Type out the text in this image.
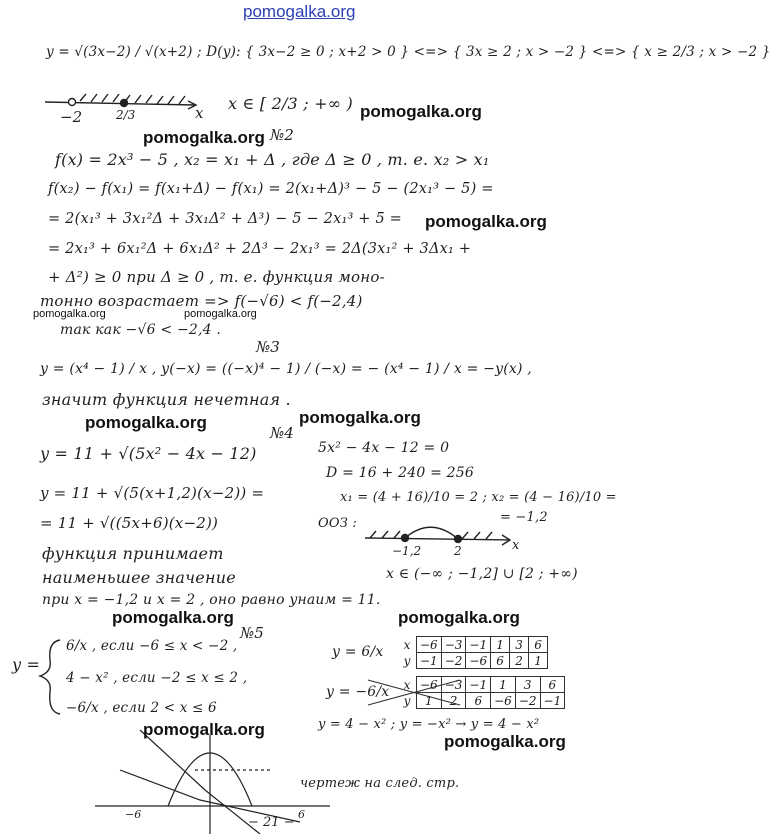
pomogalka.org
y = √(3x−2) / √(x+2) ; D(y): { 3x−2 ≥ 0 ; x+2 > 0 } <=> { 3x ≥ 2 ; x > −2 } <=> { x ≥ 2/3 ; x > −2 }
−2	2/3	x x ∈ [ 2/3 ; +∞ ) pomogalka.org
pomogalka.org №2
f(x) = 2x³ − 5 , x₂ = x₁ + Δ , где Δ ≥ 0 , т. е. x₂ > x₁
f(x₂) − f(x₁) = f(x₁+Δ) − f(x₁) = 2(x₁+Δ)³ − 5 − (2x₁³ − 5) =
pomogalka.org
= 2(x₁³ + 3x₁²Δ + 3x₁Δ² + Δ³) − 5 − 2x₁³ + 5 =
= 2x₁³ + 6x₁²Δ + 6x₁Δ² + 2Δ³ − 2x₁³ = 2Δ(3x₁² + 3Δx₁ +
+ Δ²) ≥ 0 при Δ ≥ 0 , т. е. функция моно-
тонно возрастает => f(−√6) < f(−2,4)
pomogalka.org	pomogalka.org
так как −√6 < −2,4 .
№3
y = (x⁴ − 1) / x , y(−x) = ((−x)⁴ − 1) / (−x) = − (x⁴ − 1) / x = −y(x) ,
значит функция нечетная .
pomogalka.org
pomogalka.org
№4
y = 11 + √(5x² − 4x − 12)	5x² − 4x − 12 = 0
D = 16 + 240 = 256
x₁ = (4 + 16)/10 = 2 ; x₂ = (4 − 16)/10 =
= −1,2
y = 11 + √(5(x+1,2)(x−2)) =
= 11 + √((5x+6)(x−2))	ООЗ :
−1,2	2	x
функция принимает
наименьшее значение	x ∈ (−∞ ; −1,2] ∪ [2 ; +∞)
при x = −1,2 и x = 2 , оно равно yнаим = 11.
pomogalka.org	pomogalka.org
№5
y =
6/x , если −6 ≤ x < −2 ,
4 − x² , если −2 ≤ x ≤ 2 ,
−6/x , если 2 < x ≤ 6
y = 6/x x	−6	−3	−1	1	3	6
y	−1	−2	−6	6	2	1
y = −6/x x	−6	−3	−1	1	3	6
y	1	2	6	−6	−2	−1
y = 4 − x² ; y = −x² → y = 4 − x²
pomogalka.org
pomogalka.org
чертеж на след. стр.
−6	6
− 21 −
